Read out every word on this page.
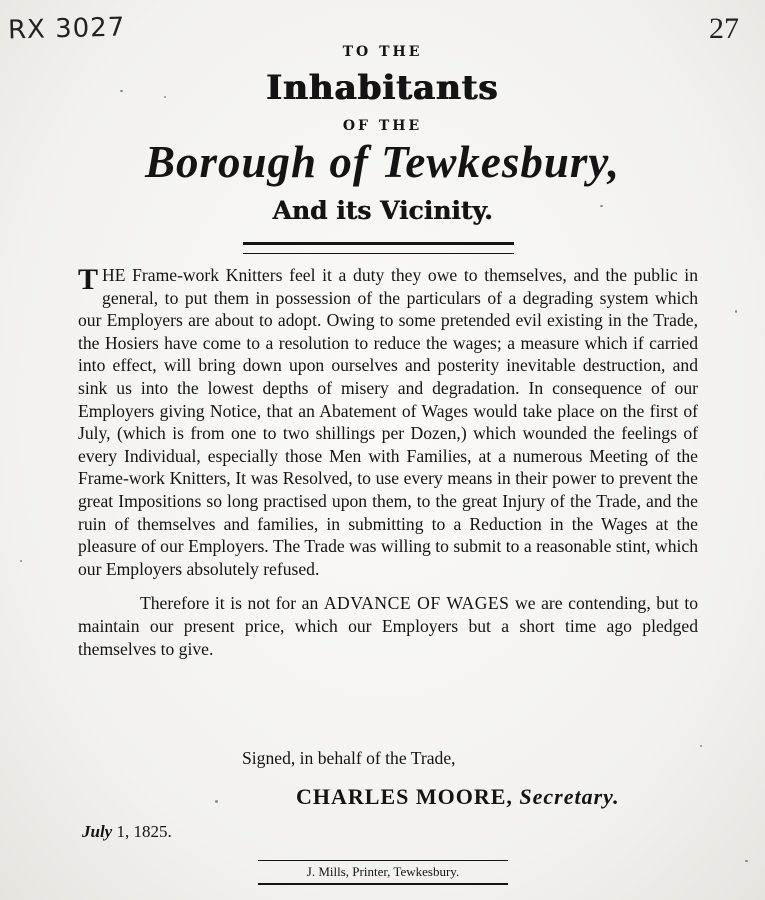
RX 3027	27
TO THE
Inhabitants
OF THE
Borough of Tewkesbury,
And its Vicinity.

THE Frame-work Knitters feel it a duty they owe to themselves, and the public in general, to put them in possession of the particulars of a degrading system which our Employers are about to adopt. Owing to some pretended evil existing in the Trade, the Hosiers have come to a resolution to reduce the wages; a measure which if carried into effect, will bring down upon ourselves and posterity inevitable destruction, and sink us into the lowest depths of misery and degradation. In consequence of our Employers giving Notice, that an Abatement of Wages would take place on the first of July, (which is from one to two shillings per Dozen,) which wounded the feelings of every Individual, especially those Men with Families, at a numerous Meeting of the Frame-work Knitters, It was Resolved, to use every means in their power to prevent the great Impositions so long practised upon them, to the great Injury of the Trade, and the ruin of themselves and families, in submitting to a Reduction in the Wages at the pleasure of our Employers. The Trade was willing to submit to a reasonable stint, which our Employers absolutely refused.

Therefore it is not for an ADVANCE OF WAGES we are contending, but to maintain our present price, which our Employers but a short time ago pledged themselves to give.

Signed, in behalf of the Trade,
CHARLES MOORE, Secretary.
July 1, 1825.
J. Mills, Printer, Tewkesbury.
